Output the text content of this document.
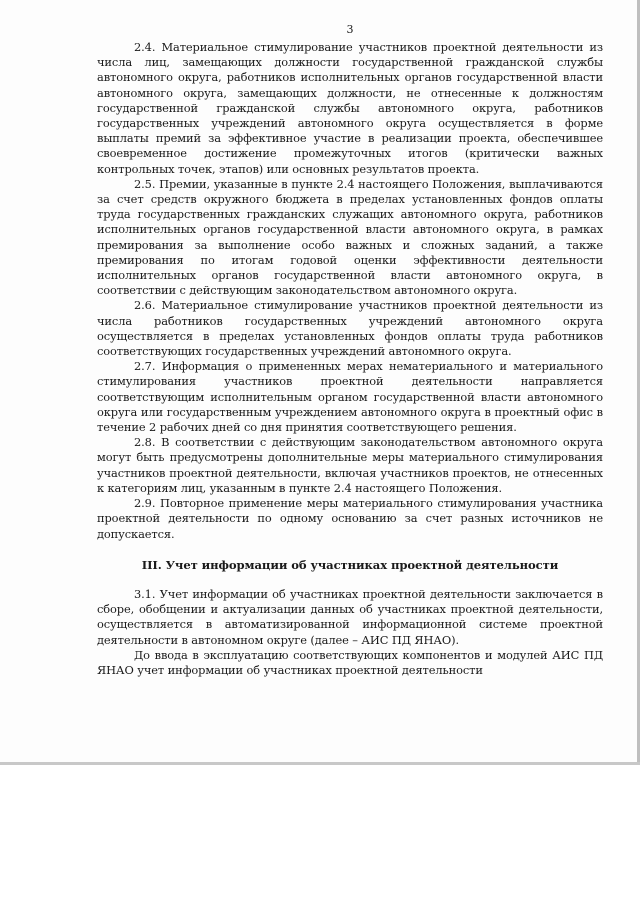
3

2.4. Материальное стимулирование участников проектной деятельности из числа лиц, замещающих должности государственной гражданской службы автономного округа, работников исполнительных органов государственной власти автономного округа, замещающих должности, не отнесенные к должностям государственной гражданской службы автономного округа, работников государственных учреждений автономного округа осуществляется в форме выплаты премий за эффективное участие в реализации проекта, обеспечившее своевременное достижение промежуточных итогов (критически важных контрольных точек, этапов) или основных результатов проекта.

2.5. Премии, указанные в пункте 2.4 настоящего Положения, выплачиваются за счет средств окружного бюджета в пределах установленных фондов оплаты труда государственных гражданских служащих автономного округа, работников исполнительных органов государственной власти автономного округа, в рамках премирования за выполнение особо важных и сложных заданий, а также премирования по итогам годовой оценки эффективности деятельности исполнительных органов государственной власти автономного округа, в соответствии с действующим законодательством автономного округа.

2.6. Материальное стимулирование участников проектной деятельности из числа работников государственных учреждений автономного округа осуществляется в пределах установленных фондов оплаты труда работников соответствующих государственных учреждений автономного округа.

2.7. Информация о примененных мерах нематериального и материального стимулирования участников проектной деятельности направляется соответствующим исполнительным органом государственной власти автономного округа или государственным учреждением автономного округа в проектный офис в течение 2 рабочих дней со дня принятия соответствующего решения.

2.8. В соответствии с действующим законодательством автономного округа могут быть предусмотрены дополнительные меры материального стимулирования участников проектной деятельности, включая участников проектов, не отнесенных к категориям лиц, указанным в пункте 2.4 настоящего Положения.

2.9. Повторное применение меры материального стимулирования участника проектной деятельности по одному основанию за счет разных источников не допускается.

III. Учет информации об участниках проектной деятельности

3.1. Учет информации об участниках проектной деятельности заключается в сборе, обобщении и актуализации данных об участниках проектной деятельности, осуществляется в автоматизированной информационной системе проектной деятельности в автономном округе (далее – АИС ПД ЯНАО).

До ввода в эксплуатацию соответствующих компонентов и модулей АИС ПД ЯНАО учет информации об участниках проектной деятельности
